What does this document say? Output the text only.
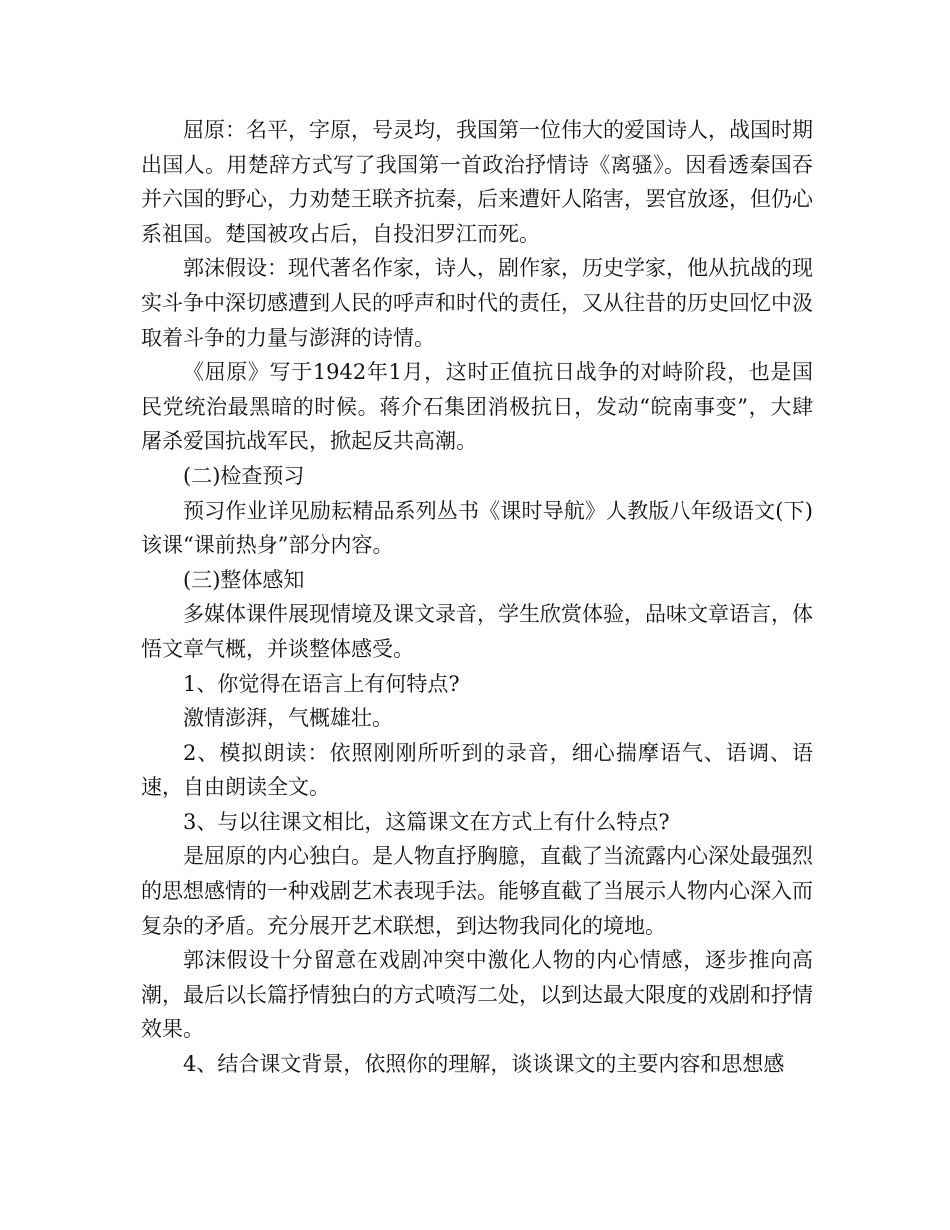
屈原：名平，字原，号灵均，我国第一位伟大的爱国诗人，战国时期出国人。用楚辞方式写了我国第一首政治抒情诗《离骚》。因看透秦国吞并六国的野心，力劝楚王联齐抗秦，后来遭奸人陷害，罢官放逐，但仍心系祖国。楚国被攻占后，自投汨罗江而死。

郭沫假设：现代著名作家，诗人，剧作家，历史学家，他从抗战的现实斗争中深切感遭到人民的呼声和时代的责任，又从往昔的历史回忆中汲取着斗争的力量与澎湃的诗情。

《屈原》写于1942年1月，这时正值抗日战争的对峙阶段，也是国民党统治最黑暗的时候。蒋介石集团消极抗日，发动“皖南事变”，大肆屠杀爱国抗战军民，掀起反共高潮。

(二)检查预习

预习作业详见励耘精品系列丛书《课时导航》人教版八年级语文(下)该课“课前热身”部分内容。

(三)整体感知

多媒体课件展现情境及课文录音，学生欣赏体验，品味文章语言，体悟文章气概，并谈整体感受。

1、你觉得在语言上有何特点?

激情澎湃，气概雄壮。

2、模拟朗读：依照刚刚所听到的录音，细心揣摩语气、语调、语速，自由朗读全文。

3、与以往课文相比，这篇课文在方式上有什么特点?

是屈原的内心独白。是人物直抒胸臆，直截了当流露内心深处最强烈的思想感情的一种戏剧艺术表现手法。能够直截了当展示人物内心深入而复杂的矛盾。充分展开艺术联想，到达物我同化的境地。

郭沫假设十分留意在戏剧冲突中激化人物的内心情感，逐步推向高潮，最后以长篇抒情独白的方式喷泻二处，以到达最大限度的戏剧和抒情效果。

4、结合课文背景，依照你的理解，谈谈课文的主要内容和思想感
